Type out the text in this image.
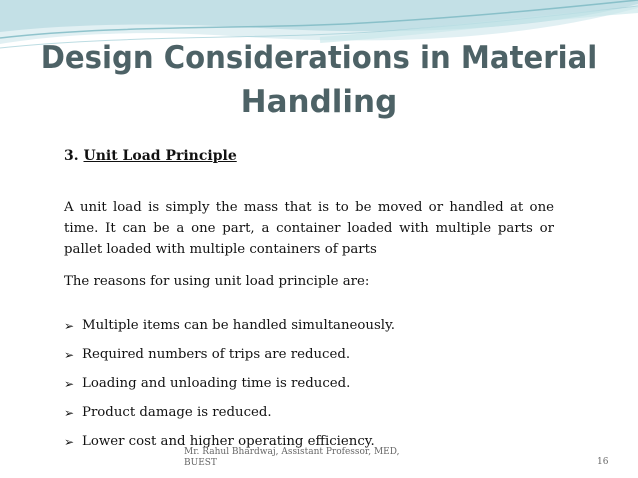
Design Considerations in Material
Handling
3. Unit Load Principle

A unit load is simply the mass that is to be moved or handled at one time. It can be a one part, a container loaded with multiple parts or pallet loaded with multiple containers of parts

The reasons for using unit load principle are:
➢ Multiple items can be handled simultaneously.
➢ Required numbers of trips are reduced.
➢ Loading and unloading time is reduced.
➢ Product damage is reduced.
➢ Lower cost and higher operating efficiency.
Mr. Rahul Bhardwaj, Assistant Professor, MED,
BUEST	16
